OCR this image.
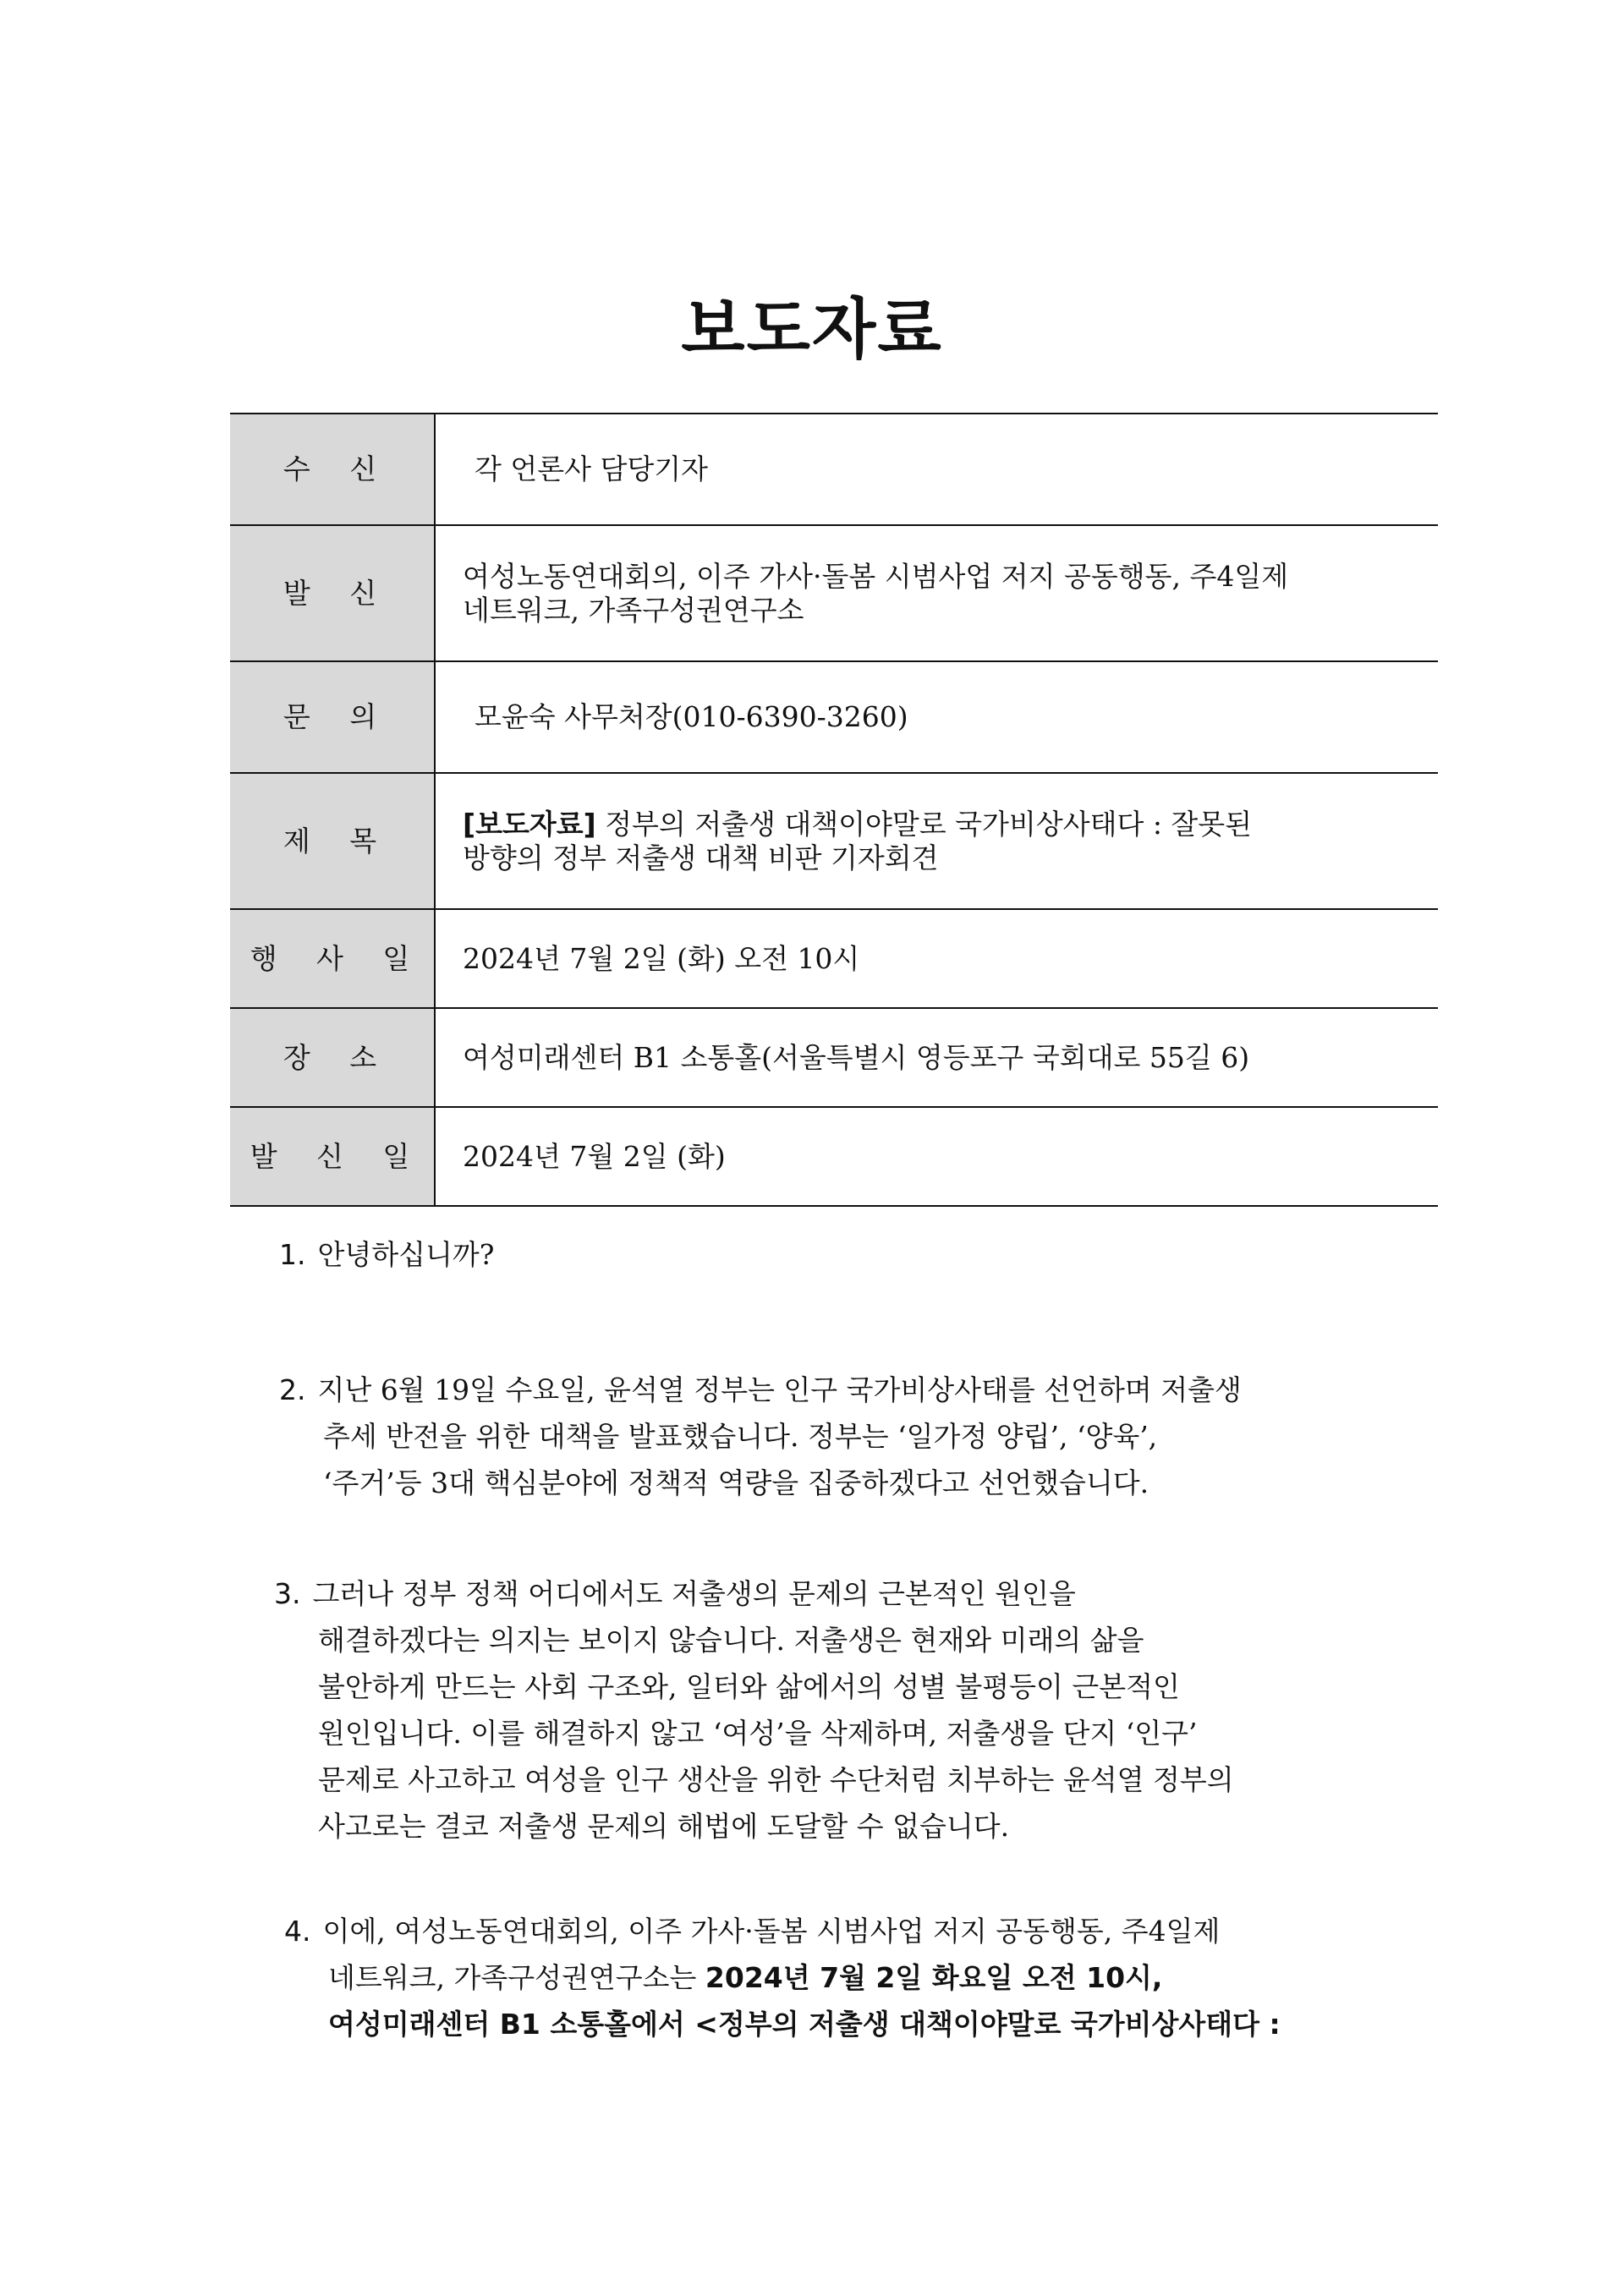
보도자료
수 신	각 언론사 담당기자
발 신	여성노동연대회의, 이주 가사·돌봄 시범사업 저지 공동행동, 주4일제
네트워크, 가족구성권연구소

문 의	모윤숙 사무처장(010-6390-3260)
제 목	[보도자료] 정부의 저출생 대책이야말로 국가비상사태다 : 잘못된
방향의 정부 저출생 대책 비판 기자회견

행 사 일	2024년 7월 2일 (화) 오전 10시
장 소	여성미래센터 B1 소통홀(서울특별시 영등포구 국회대로 55길 6)
발 신 일	2024년 7월 2일 (화)
1. 안녕하십니까?
2. 지난 6월 19일 수요일, 윤석열 정부는 인구 국가비상사태를 선언하며 저출생
추세 반전을 위한 대책을 발표했습니다. 정부는 ‘일가정 양립’, ‘양육’,
‘주거’등 3대 핵심분야에 정책적 역량을 집중하겠다고 선언했습니다.
3. 그러나 정부 정책 어디에서도 저출생의 문제의 근본적인 원인을
해결하겠다는 의지는 보이지 않습니다. 저출생은 현재와 미래의 삶을
불안하게 만드는 사회 구조와, 일터와 삶에서의 성별 불평등이 근본적인
원인입니다. 이를 해결하지 않고 ‘여성’을 삭제하며, 저출생을 단지 ‘인구’
문제로 사고하고 여성을 인구 생산을 위한 수단처럼 치부하는 윤석열 정부의
사고로는 결코 저출생 문제의 해법에 도달할 수 없습니다.
4. 이에, 여성노동연대회의, 이주 가사·돌봄 시범사업 저지 공동행동, 주4일제
네트워크, 가족구성권연구소는 2024년 7월 2일 화요일 오전 10시,
여성미래센터 B1 소통홀에서 <정부의 저출생 대책이야말로 국가비상사태다 :
